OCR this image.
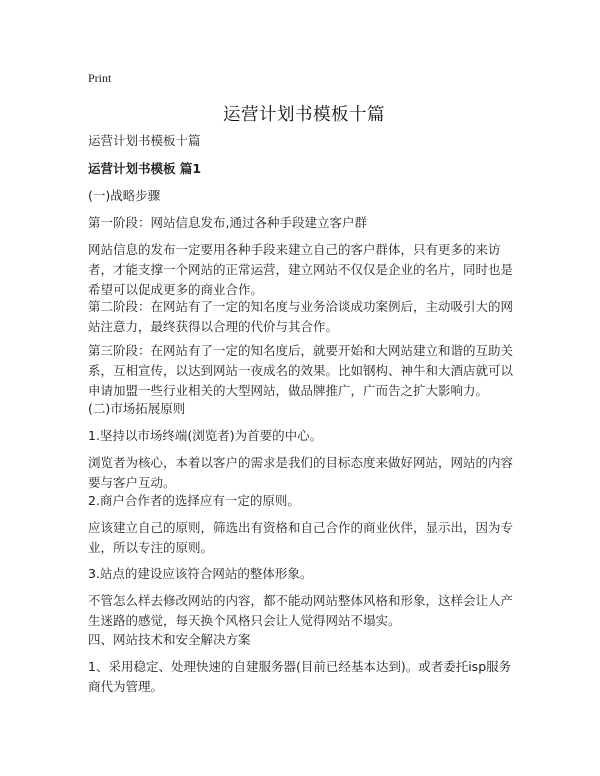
Print
运营计划书模板十篇

运营计划书模板十篇

运营计划书模板 篇1

(一)战略步骤

第一阶段：网站信息发布,通过各种手段建立客户群

网站信息的发布一定要用各种手段来建立自己的客户群体，只有更多的来访者，才能支撑一个网站的正常运营，建立网站不仅仅是企业的名片，同时也是希望可以促成更多的商业合作。

第二阶段：在网站有了一定的知名度与业务洽谈成功案例后，主动吸引大的网站注意力，最终获得以合理的代价与其合作。

第三阶段：在网站有了一定的知名度后，就要开始和大网站建立和谐的互助关系，互相宣传，以达到网站一夜成名的效果。比如钢构、神牛和大酒店就可以申请加盟一些行业相关的大型网站，做品牌推广，广而告之扩大影响力。

(二)市场拓展原则

1.坚持以市场终端(浏览者)为首要的中心。

浏览者为核心，本着以客户的需求是我们的目标态度来做好网站，网站的内容要与客户互动。

2.商户合作者的选择应有一定的原则。

应该建立自己的原则，筛选出有资格和自己合作的商业伙伴，显示出，因为专业，所以专注的原则。

3.站点的建设应该符合网站的整体形象。

不管怎么样去修改网站的内容，都不能动网站整体风格和形象，这样会让人产生迷路的感觉，每天换个风格只会让人觉得网站不塌实。

四、网站技术和安全解决方案

1、采用稳定、处理快速的自建服务器(目前已经基本达到)。或者委托isp服务商代为管理。
